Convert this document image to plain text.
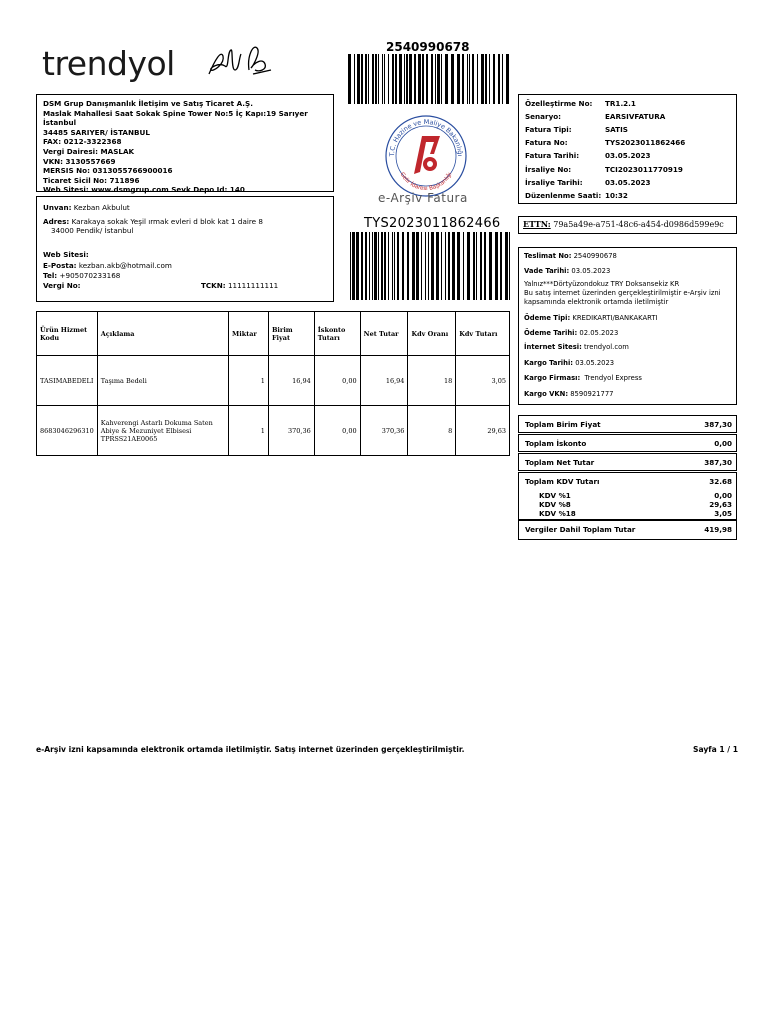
trendyol	2540990678
T.C. Hazine ve Maliye Bakanlığı
Gelir İdaresi Başkanlığı
e-Arşiv Fatura
TYS2023011862466
DSM Grup Danışmanlık İletişim ve Satış Ticaret A.Ş.
Maslak Mahallesi Saat Sokak Spine Tower No:5 İç Kapı:19 Sarıyer İstanbul
34485 SARIYER/ İSTANBUL
FAX: 0212-3322368
Vergi Dairesi: MASLAK
VKN: 3130557669
MERSIS No: 0313055766900016
Ticaret Sicil No: 711896
Web Sitesi: www.dsmgrup.com Sevk Depo Id: 140
Unvan: Kezban Akbulut
Adres: Karakaya sokak Yeşil ırmak evleri d blok kat 1 daire 8
34000 Pendik/ İstanbul
Web Sitesi:
E-Posta: kezban.akb@hotmail.com
Tel: +905070233168
Vergi No:	TCKN: 11111111111
Özelleştirme No: TR1.2.1
Senaryo:	EARSIVFATURA
Fatura Tipi:	SATIS
Fatura No:	TYS2023011862466
Fatura Tarihi:	03.05.2023
İrsaliye No:	TCI2023011770919
İrsaliye Tarihi:	03.05.2023
Düzenlenme Saati: 10:32
ETTN: 79a5a49e-a751-48c6-a454-d0986d599e9c
Teslimat No: 2540990678
Vade Tarihi: 03.05.2023
Yalnız***Dörtyüzondokuz TRY Doksansekiz KR
Bu satış internet üzerinden gerçekleştirilmiştir e-Arşiv izni
kapsamında elektronik ortamda iletilmiştir
Ödeme Tipi: KREDIKARTI/BANKAKARTI
Ödeme Tarihi: 02.05.2023
İnternet Sitesi: trendyol.com
Kargo Tarihi: 03.05.2023
Kargo Firması: Trendyol Express
Kargo VKN: 8590921777
Ürün Hizmet Kodu	Açıklama	Miktar	Birim Fiyat	İskonto Tutarı	Net Tutar	Kdv Oranı	Kdv Tutarı
TASIMABEDELI	Taşıma Bedeli	1	16,94	0,00	16,94	18	3,05
8683046296310	Kahverengi Astarlı Dokuma Saten
Abiye & Mezuniyet Elbisesi
TPRSS21AE0065	1	370,36	0,00	370,36	8	29,63
Toplam Birim Fiyat	387,30
Toplam İskonto	0,00
Toplam Net Tutar	387,30
Toplam KDV Tutarı	32.68
KDV %1	0,00
KDV %8	29,63
KDV %18	3,05
Vergiler Dahil Toplam Tutar	419,98
e-Arşiv izni kapsamında elektronik ortamda iletilmiştir. Satış internet üzerinden gerçekleştirilmiştir.	Sayfa 1 / 1
